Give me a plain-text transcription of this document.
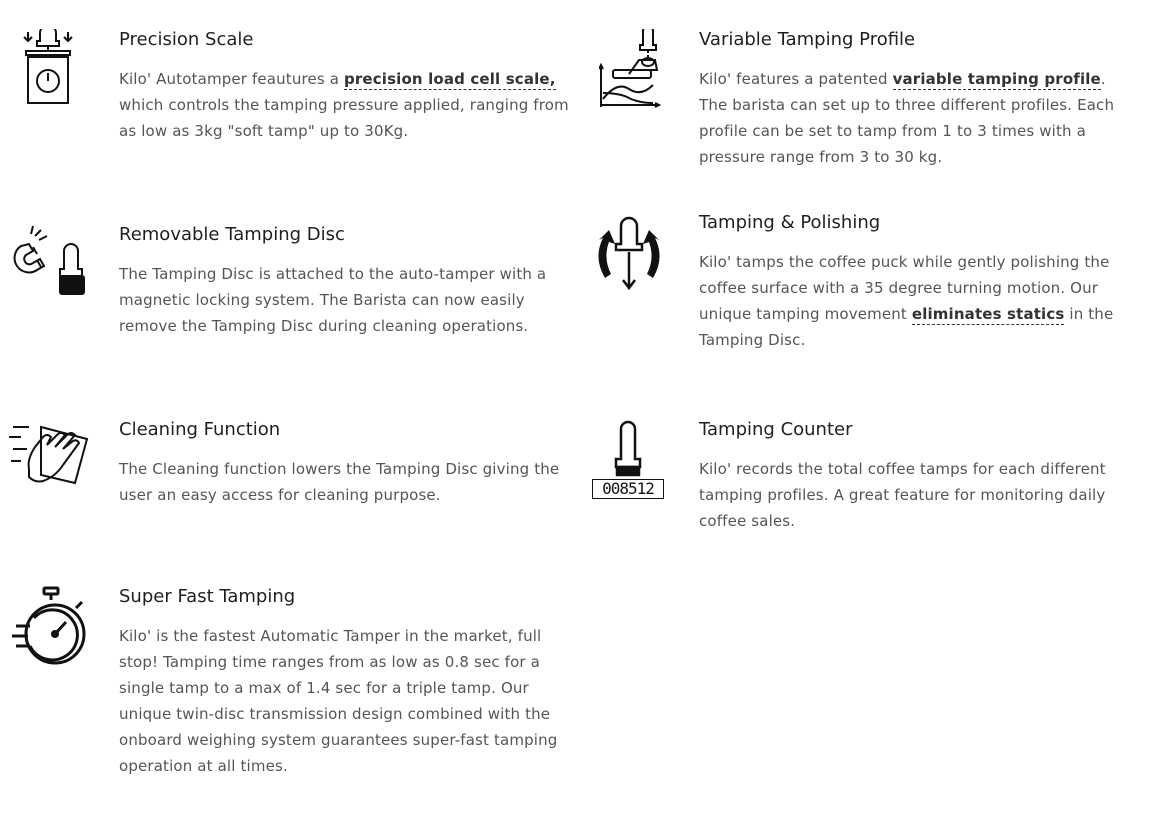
Precision Scale
Kilo' Autotamper feautures a precision load cell scale, which controls the tamping pressure applied, ranging from as low as 3kg "soft tamp" up to 30Kg.
Variable Tamping Profile
Kilo' features a patented variable tamping profile. The barista can set up to three different profiles. Each profile can be set to tamp from 1 to 3 times with a pressure range from 3 to 30 kg.
Removable Tamping Disc
The Tamping Disc is attached to the auto-tamper with a magnetic locking system. The Barista can now easily remove the Tamping Disc during cleaning operations.
Tamping & Polishing
Kilo' tamps the coffee puck while gently polishing the coffee surface with a 35 degree turning motion. Our unique tamping movement eliminates statics in the Tamping Disc.
Cleaning Function
The Cleaning function lowers the Tamping Disc giving the user an easy access for cleaning purpose.	008512
Tamping Counter
Kilo' records the total coffee tamps for each different tamping profiles. A great feature for monitoring daily coffee sales.
Super Fast Tamping
Kilo' is the fastest Automatic Tamper in the market, full stop! Tamping time ranges from as low as 0.8 sec for a single tamp to a max of 1.4 sec for a triple tamp. Our unique twin-disc transmission design combined with the onboard weighing system guarantees super-fast tamping operation at all times.
